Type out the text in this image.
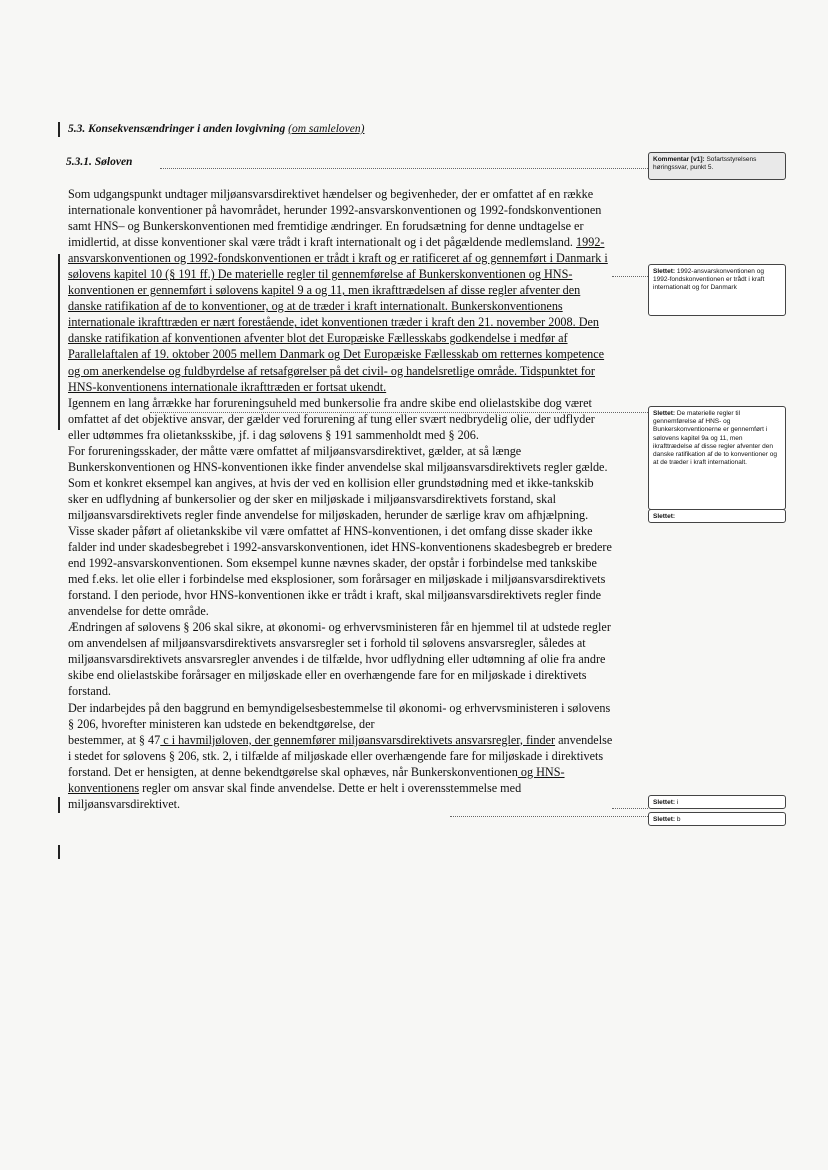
5.3. Konsekvensændringer i anden lovgivning (om samleloven)
5.3.1. Søloven

Som udgangspunkt undtager miljøansvarsdirektivet hændelser og begivenheder, der er omfattet af en række internationale konventioner på havområdet, herunder 1992-ansvarskonventionen og 1992-fondskonventionen samt HNS– og Bunkerskonventionen med fremtidige ændringer. En forudsætning for denne undtagelse er imidlertid, at disse konventioner skal være trådt i kraft internationalt og i det pågældende medlemsland. 1992-ansvarskonventionen og 1992-fondskonventionen er trådt i kraft og er ratificeret af og gennemført i Danmark i sølovens kapitel 10 (§ 191 ff.) De materielle regler til gennemførelse af Bunkerskonventionen og HNS-konventionen er gennemført i sølovens kapitel 9 a og 11, men ikrafttrædelsen af disse regler afventer den danske ratifikation af de to konventioner, og at de træder i kraft internationalt. Bunkerskonventionens internationale ikrafttræden er nært forestående, idet konventionen træder i kraft den 21. november 2008. Den danske ratifikation af konventionen afventer blot det Europæiske Fællesskabs godkendelse i medfør af Parallelaftalen af 19. oktober 2005 mellem Danmark og Det Europæiske Fællesskab om retternes kompetence og om anerkendelse og fuldbyrdelse af retsafgørelser på det civil- og handelsretlige område. Tidspunktet for HNS-konventionens internationale ikrafttræden er fortsat ukendt.

Igennem en lang årrække har forureningsuheld med bunkersolie fra andre skibe end olielastskibe dog været omfattet af det objektive ansvar, der gælder ved forurening af tung eller svært nedbrydelig olie, der udflyder eller udtømmes fra olietanksskibe, jf. i dag sølovens § 191 sammenholdt med § 206.

For forureningsskader, der måtte være omfattet af miljøansvarsdirektivet, gælder, at så længe Bunkerskonventionen og HNS-konventionen ikke finder anvendelse skal miljøansvarsdirektivets regler gælde.

Som et konkret eksempel kan angives, at hvis der ved en kollision eller grundstødning med et ikke-tankskib sker en udflydning af bunkersolier og der sker en miljøskade i miljøansvarsdirektivets forstand, skal miljøansvarsdirektivets regler finde anvendelse for miljøskaden, herunder de særlige krav om afhjælpning. Visse skader påført af olietankskibe vil være omfattet af HNS-konventionen, i det omfang disse skader ikke falder ind under skadesbegrebet i 1992-ansvarskonventionen, idet HNS-konventionens skadesbegreb er bredere end 1992-ansvarskonventionen. Som eksempel kunne nævnes skader, der opstår i forbindelse med tankskibe med f.eks. let olie eller i forbindelse med eksplosioner, som forårsager en miljøskade i miljøansvarsdirektivets forstand. I den periode, hvor HNS-konventionen ikke er trådt i kraft, skal miljøansvarsdirektivets regler finde anvendelse for dette område.

Ændringen af sølovens § 206 skal sikre, at økonomi- og erhvervsministeren får en hjemmel til at udstede regler om anvendelsen af miljøansvarsdirektivets ansvarsregler set i forhold til sølovens ansvarsregler, således at miljøansvarsdirektivets ansvarsregler anvendes i de tilfælde, hvor udflydning eller udtømning af olie fra andre skibe end olielastskibe forårsager en miljøskade eller en overhængende fare for en miljøskade i direktivets forstand.

Der indarbejdes på den baggrund en bemyndigelsesbestemmelse til økonomi- og erhvervsministeren i sølovens § 206, hvorefter ministeren kan udstede en bekendtgørelse, der

bestemmer, at § 47 c i havmiljøloven, der gennemfører miljøansvarsdirektivets ansvarsregler, finder anvendelse i stedet for sølovens § 206, stk. 2, i tilfælde af miljøskade eller overhængende fare for miljøskade i direktivets forstand. Det er hensigten, at denne bekendtgørelse skal ophæves, når Bunkerskonventionen og HNS-konventionens regler om ansvar skal finde anvendelse. Dette er helt i overensstemmelse med miljøansvarsdirektivet.

Kommentar [v1]: Sofartsstyrelsens høringssvar, punkt 5.
Slettet: 1992-ansvarskonventionen og 1992-fondskonventionen er trådt i kraft internationalt og for Danmark
Slettet: De materielle regler til gennemførelse af HNS- og Bunkerskonventionerne er gennemført i sølovens kapitel 9a og 11, men ikrafttrædelse af disse regler afventer den danske ratifikation af de to konventioner og at de træder i kraft internationalt.
Slettet:
Slettet: i
Slettet: b
